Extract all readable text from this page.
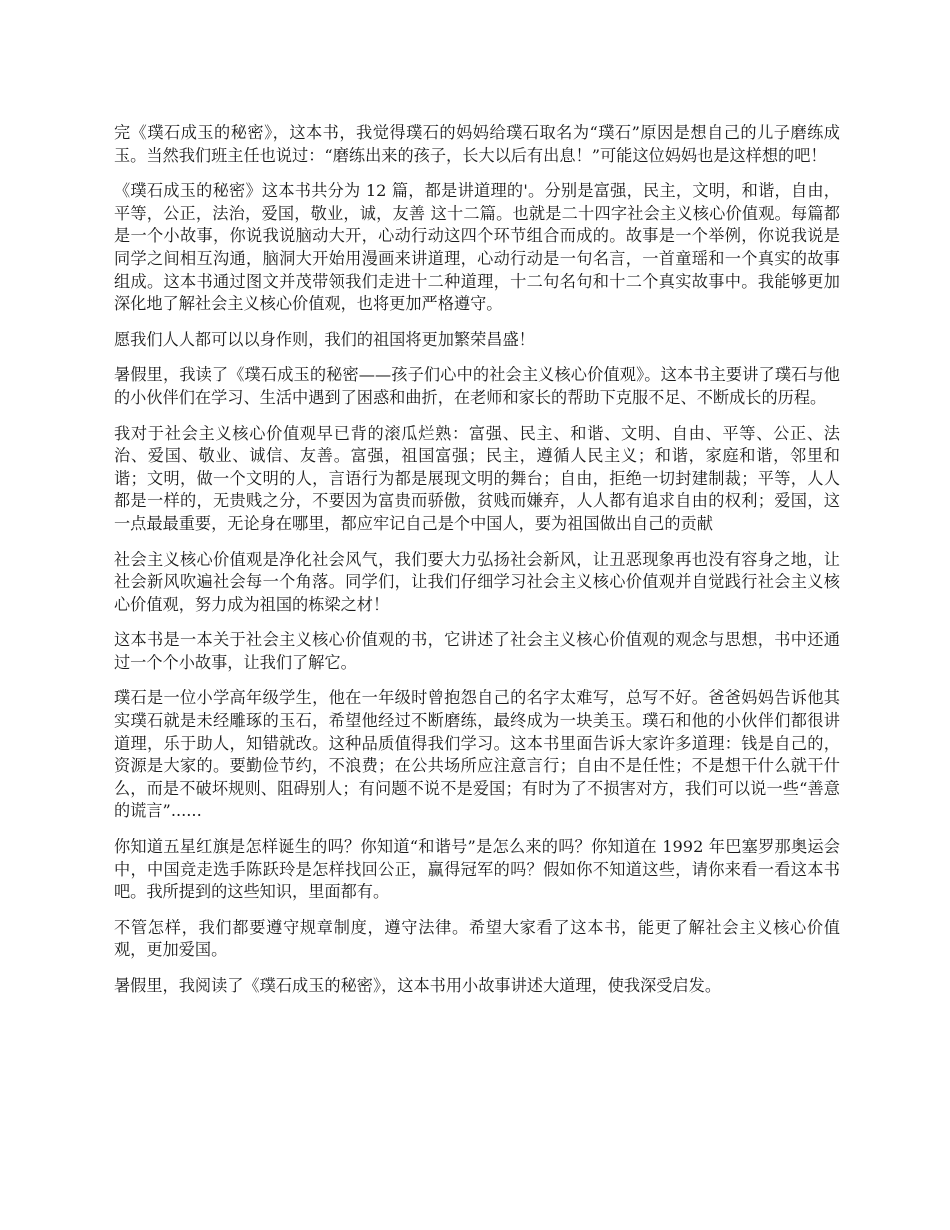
完《璞石成玉的秘密》，这本书，我觉得璞石的妈妈给璞石取名为“璞石”原因是想自己的儿子磨练成玉。当然我们班主任也说过：“磨练出来的孩子，长大以后有出息！”可能这位妈妈也是这样想的吧！

《璞石成玉的秘密》这本书共分为 12 篇，都是讲道理的'。分别是富强，民主，文明，和谐，自由，平等，公正，法治，爱国，敬业，诚，友善 这十二篇。也就是二十四字社会主义核心价值观。每篇都是一个小故事，你说我说脑动大开，心动行动这四个环节组合而成的。故事是一个举例，你说我说是同学之间相互沟通，脑洞大开始用漫画来讲道理，心动行动是一句名言，一首童瑶和一个真实的故事组成。这本书通过图文并茂带领我们走进十二种道理，十二句名句和十二个真实故事中。我能够更加深化地了解社会主义核心价值观，也将更加严格遵守。

愿我们人人都可以以身作则，我们的祖国将更加繁荣昌盛！

暑假里，我读了《璞石成玉的秘密——孩子们心中的社会主义核心价值观》。这本书主要讲了璞石与他的小伙伴们在学习、生活中遇到了困惑和曲折，在老师和家长的帮助下克服不足、不断成长的历程。

我对于社会主义核心价值观早已背的滚瓜烂熟：富强、民主、和谐、文明、自由、平等、公正、法治、爱国、敬业、诚信、友善。富强，祖国富强；民主，遵循人民主义；和谐，家庭和谐，邻里和谐；文明，做一个文明的人，言语行为都是展现文明的舞台；自由，拒绝一切封建制裁；平等，人人都是一样的，无贵贱之分，不要因为富贵而骄傲，贫贱而嫌弃，人人都有追求自由的权利；爱国，这一点最最重要，无论身在哪里，都应牢记自己是个中国人，要为祖国做出自己的贡献

社会主义核心价值观是净化社会风气，我们要大力弘扬社会新风，让丑恶现象再也没有容身之地，让社会新风吹遍社会每一个角落。同学们，让我们仔细学习社会主义核心价值观并自觉践行社会主义核心价值观，努力成为祖国的栋梁之材！

这本书是一本关于社会主义核心价值观的书，它讲述了社会主义核心价值观的观念与思想，书中还通过一个个小故事，让我们了解它。

璞石是一位小学高年级学生，他在一年级时曾抱怨自己的名字太难写，总写不好。爸爸妈妈告诉他其实璞石就是未经雕琢的玉石，希望他经过不断磨练，最终成为一块美玉。璞石和他的小伙伴们都很讲道理，乐于助人，知错就改。这种品质值得我们学习。这本书里面告诉大家许多道理：钱是自己的，资源是大家的。要勤俭节约，不浪费；在公共场所应注意言行；自由不是任性；不是想干什么就干什么，而是不破坏规则、阻碍别人；有问题不说不是爱国；有时为了不损害对方，我们可以说一些“善意的谎言”......

你知道五星红旗是怎样诞生的吗？你知道“和谐号”是怎么来的吗？你知道在 1992 年巴塞罗那奥运会中，中国竞走选手陈跃玲是怎样找回公正，赢得冠军的吗？假如你不知道这些，请你来看一看这本书吧。我所提到的这些知识，里面都有。

不管怎样，我们都要遵守规章制度，遵守法律。希望大家看了这本书，能更了解社会主义核心价值观，更加爱国。

暑假里，我阅读了《璞石成玉的秘密》，这本书用小故事讲述大道理，使我深受启发。
